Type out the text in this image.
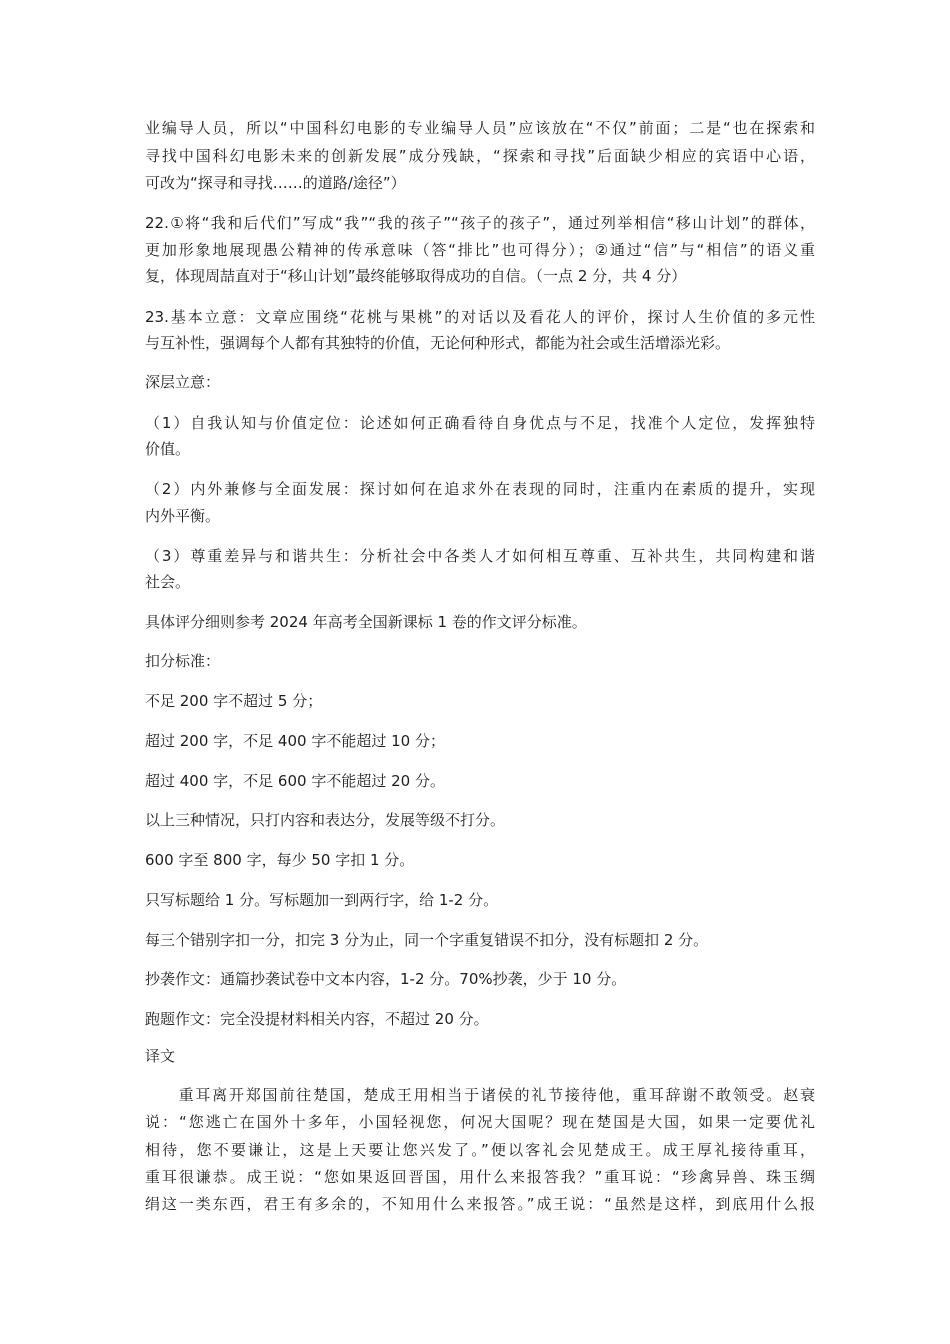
业编导人员，所以“中国科幻电影的专业编导人员”应该放在“不仅”前面；二是“也在探索和
寻找中国科幻电影未来的创新发展”成分残缺，“探索和寻找”后面缺少相应的宾语中心语，
可改为“探寻和寻找……的道路/途径”）
22.①将“我和后代们”写成“我”“我的孩子”“孩子的孩子”，通过列举相信“移山计划”的群体，
更加形象地展现愚公精神的传承意味（答“排比”也可得分）；②通过“信”与“相信”的语义重
复，体现周喆直对于“移山计划”最终能够取得成功的自信。（一点 2 分，共 4 分）
23.基本立意：文章应围绕“花桃与果桃”的对话以及看花人的评价，探讨人生价值的多元性
与互补性，强调每个人都有其独特的价值，无论何种形式，都能为社会或生活增添光彩。
深层立意：
（1）自我认知与价值定位：论述如何正确看待自身优点与不足，找准个人定位，发挥独特
价值。
（2）内外兼修与全面发展：探讨如何在追求外在表现的同时，注重内在素质的提升，实现
内外平衡。
（3）尊重差异与和谐共生：分析社会中各类人才如何相互尊重、互补共生，共同构建和谐
社会。
具体评分细则参考 2024 年高考全国新课标 1 卷的作文评分标准。
扣分标准：
不足 200 字不超过 5 分；
超过 200 字，不足 400 字不能超过 10 分；
超过 400 字，不足 600 字不能超过 20 分。
以上三种情况，只打内容和表达分，发展等级不打分。
600 字至 800 字，每少 50 字扣 1 分。
只写标题给 1 分。写标题加一到两行字，给 1-2 分。
每三个错别字扣一分，扣完 3 分为止，同一个字重复错误不扣分，没有标题扣 2 分。
抄袭作文：通篇抄袭试卷中文本内容，1-2 分。70%抄袭，少于 10 分。
跑题作文：完全没提材料相关内容，不超过 20 分。
译文
　　重耳离开郑国前往楚国，楚成王用相当于诸侯的礼节接待他，重耳辞谢不敢领受。赵衰
说：“您逃亡在国外十多年，小国轻视您，何况大国呢？现在楚国是大国，如果一定要优礼
相待，您不要谦让，这是上天要让您兴发了。”便以客礼会见楚成王。成王厚礼接待重耳，
重耳很谦恭。成王说：“您如果返回晋国，用什么来报答我？”重耳说：“珍禽异兽、珠玉绸
绢这一类东西，君王有多余的，不知用什么来报答。”成王说：“虽然是这样，到底用什么报
